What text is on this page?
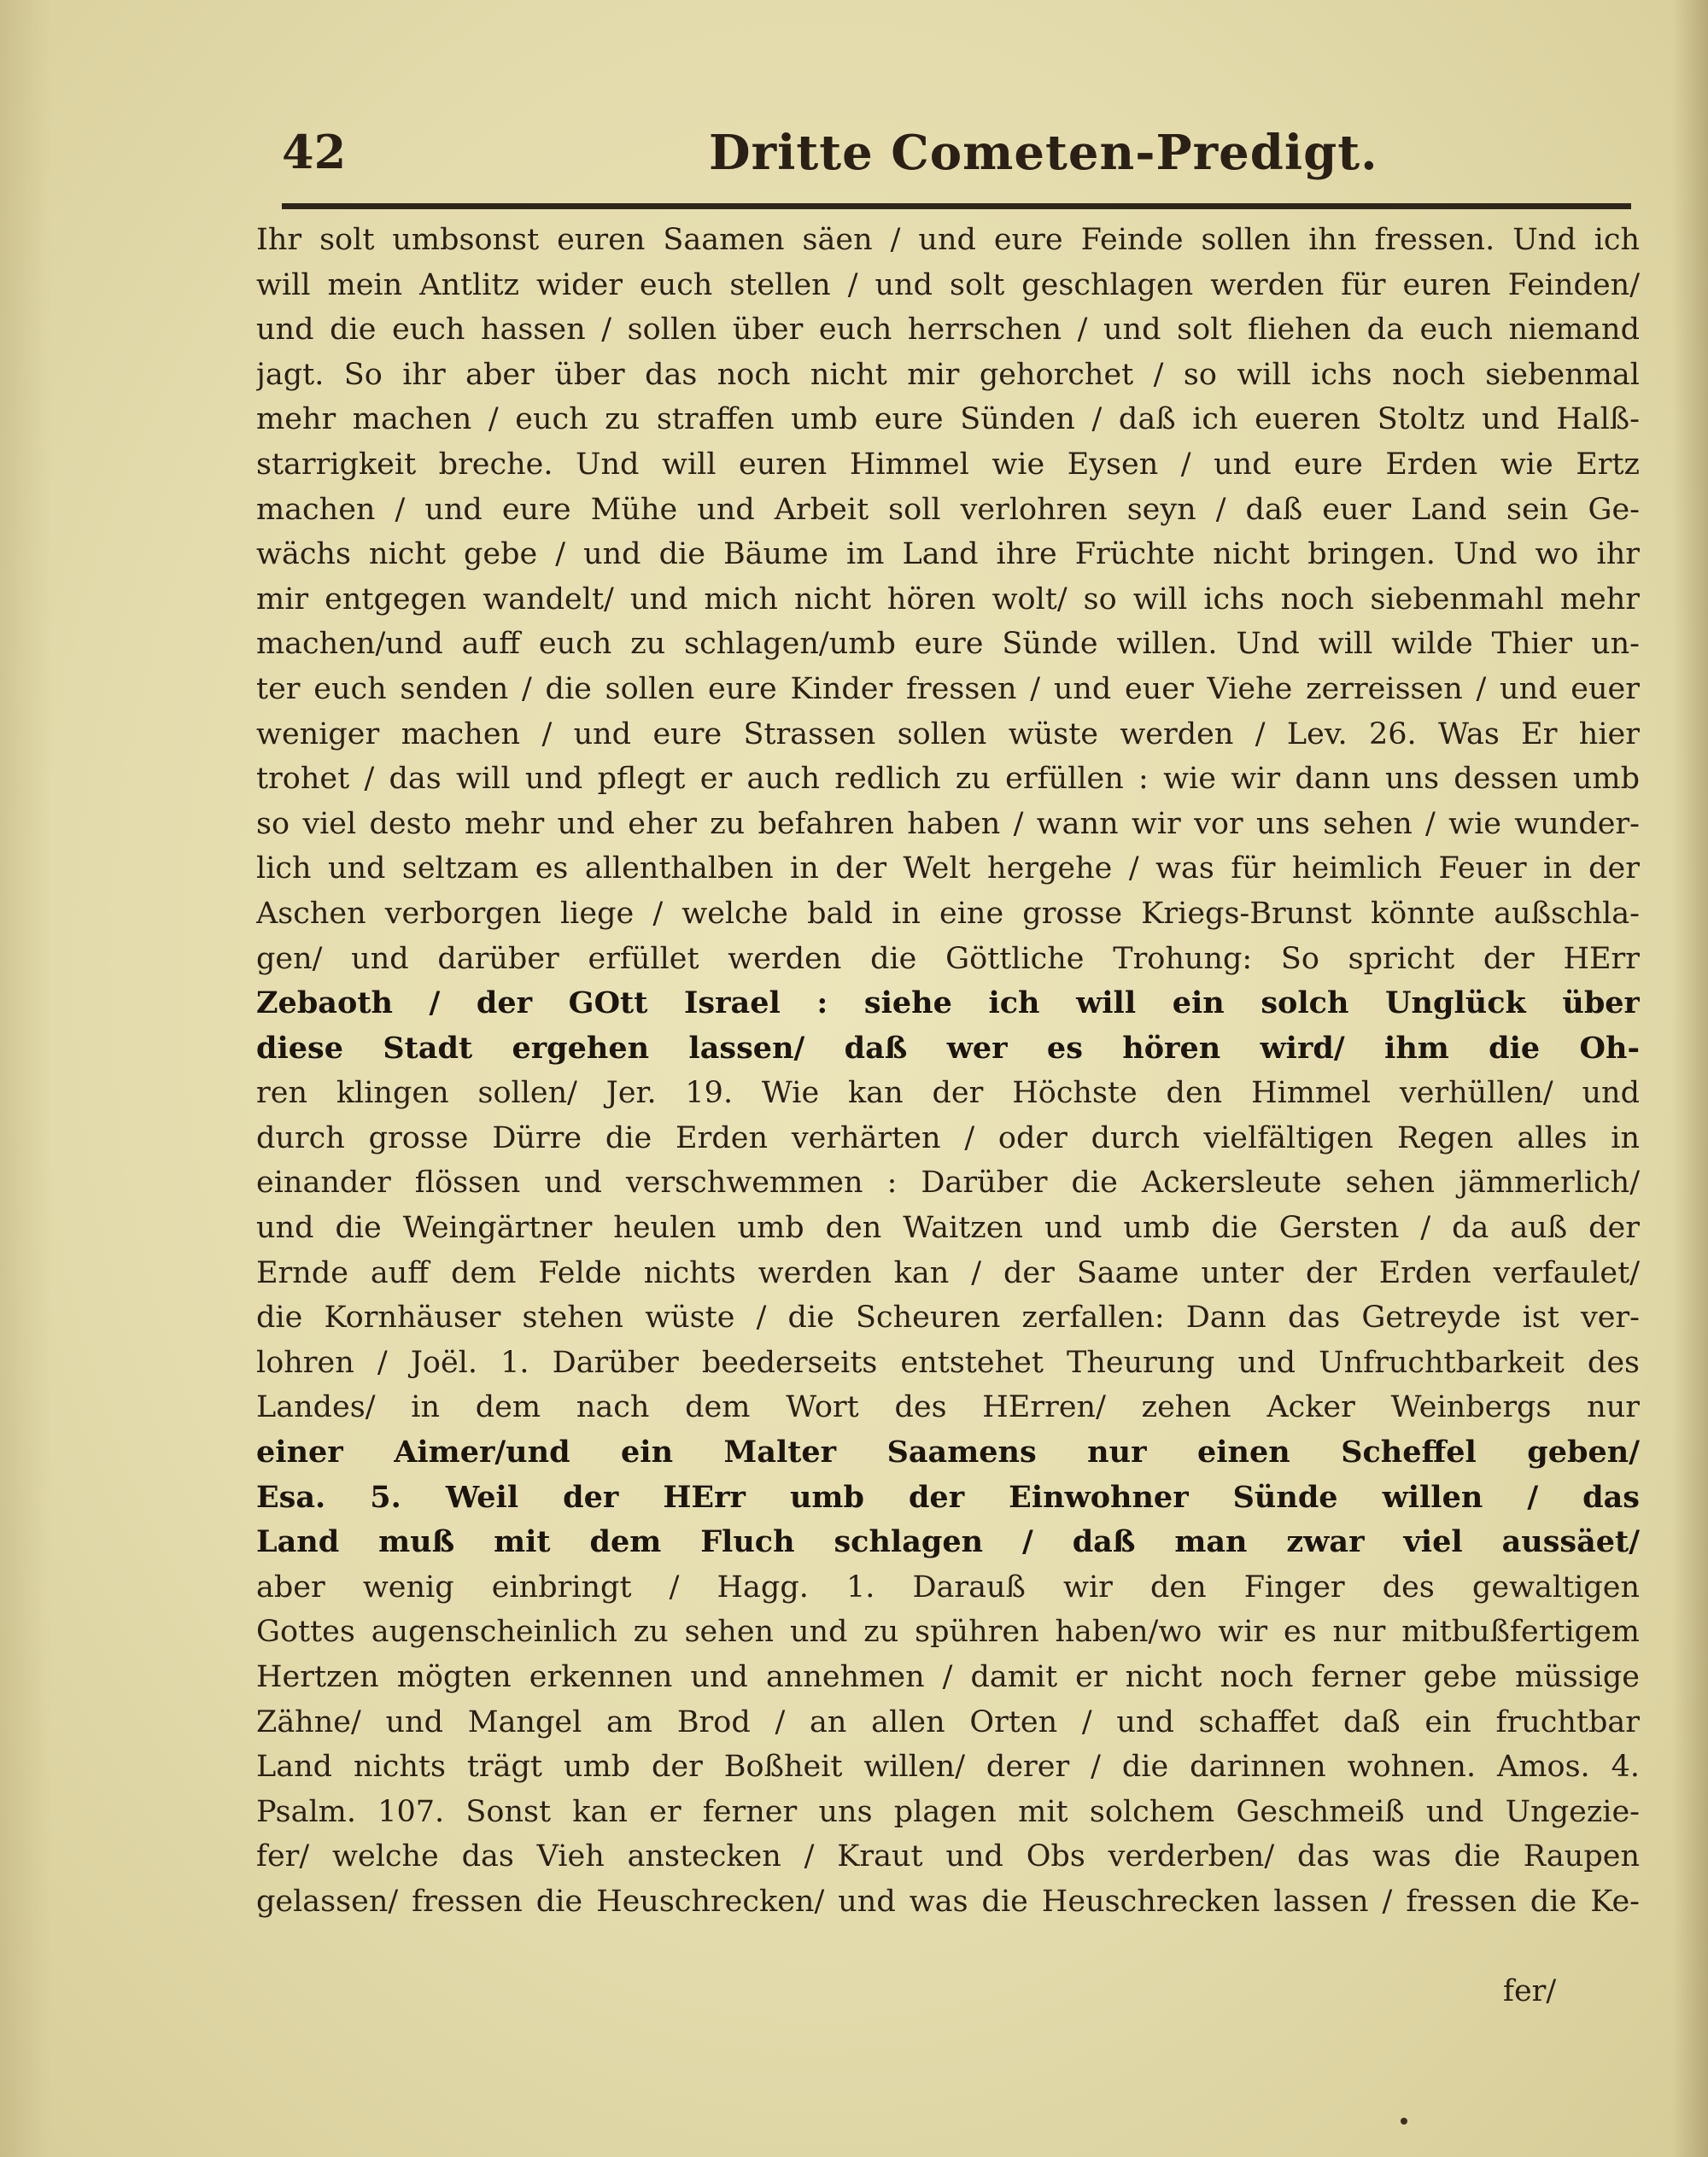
42	Dritte Cometen-Predigt.
Ihr solt umbsonst euren Saamen säen / und eure Feinde sollen ihn fressen. Und ich
will mein Antlitz wider euch stellen / und solt geschlagen werden für euren Feinden/
und die euch hassen / sollen über euch herrschen / und solt fliehen da euch niemand
jagt. So ihr aber über das noch nicht mir gehorchet / so will ichs noch siebenmal
mehr machen / euch zu straffen umb eure Sünden / daß ich eueren Stoltz und Halß-
starrigkeit breche. Und will euren Himmel wie Eysen / und eure Erden wie Ertz
machen / und eure Mühe und Arbeit soll verlohren seyn / daß euer Land sein Ge-
wächs nicht gebe / und die Bäume im Land ihre Früchte nicht bringen. Und wo ihr
mir entgegen wandelt/ und mich nicht hören wolt/ so will ichs noch siebenmahl mehr
machen/und auff euch zu schlagen/umb eure Sünde willen. Und will wilde Thier un-
ter euch senden / die sollen eure Kinder fressen / und euer Viehe zerreissen / und euer
weniger machen / und eure Strassen sollen wüste werden / Lev. 26. Was Er hier
trohet / das will und pflegt er auch redlich zu erfüllen : wie wir dann uns dessen umb
so viel desto mehr und eher zu befahren haben / wann wir vor uns sehen / wie wunder-
lich und seltzam es allenthalben in der Welt hergehe / was für heimlich Feuer in der
Aschen verborgen liege / welche bald in eine grosse Kriegs-Brunst könnte außschla-
gen/ und darüber erfüllet werden die Göttliche Trohung: So spricht der HErr
Zebaoth / der GOtt Israel : siehe ich will ein solch Unglück über
diese Stadt ergehen lassen/ daß wer es hören wird/ ihm die Oh-
ren klingen sollen/ Jer. 19. Wie kan der Höchste den Himmel verhüllen/ und
durch grosse Dürre die Erden verhärten / oder durch vielfältigen Regen alles in
einander flössen und verschwemmen : Darüber die Ackersleute sehen jämmerlich/
und die Weingärtner heulen umb den Waitzen und umb die Gersten / da auß der
Ernde auff dem Felde nichts werden kan / der Saame unter der Erden verfaulet/
die Kornhäuser stehen wüste / die Scheuren zerfallen: Dann das Getreyde ist ver-
lohren / Joël. 1. Darüber beederseits entstehet Theurung und Unfruchtbarkeit des
Landes/ in dem nach dem Wort des HErren/ zehen Acker Weinbergs nur
einer Aimer/und ein Malter Saamens nur einen Scheffel geben/
Esa. 5. Weil der HErr umb der Einwohner Sünde willen / das
Land muß mit dem Fluch schlagen / daß man zwar viel aussäet/
aber wenig einbringt / Hagg. 1. Darauß wir den Finger des gewaltigen
Gottes augenscheinlich zu sehen und zu spühren haben/wo wir es nur mitbußfertigem
Hertzen mögten erkennen und annehmen / damit er nicht noch ferner gebe müssige
Zähne/ und Mangel am Brod / an allen Orten / und schaffet daß ein fruchtbar
Land nichts trägt umb der Boßheit willen/ derer / die darinnen wohnen. Amos. 4.
Psalm. 107. Sonst kan er ferner uns plagen mit solchem Geschmeiß und Ungezie-
fer/ welche das Vieh anstecken / Kraut und Obs verderben/ das was die Raupen
gelassen/ fressen die Heuschrecken/ und was die Heuschrecken lassen / fressen die Ke-
fer/
